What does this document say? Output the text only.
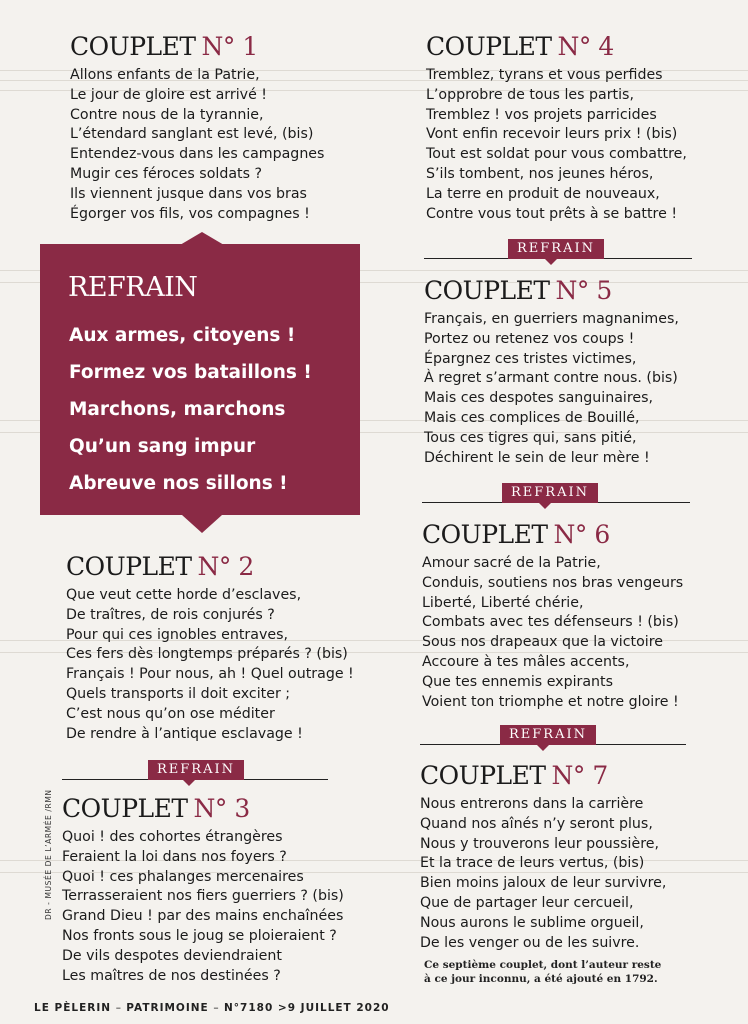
COUPLET N° 1
Allons enfants de la Patrie,
Le jour de gloire est arrivé !
Contre nous de la tyrannie,
L’étendard sanglant est levé, (bis)
Entendez-vous dans les campagnes
Mugir ces féroces soldats ?
Ils viennent jusque dans vos bras
Égorger vos fils, vos compagnes !
REFRAIN
Aux armes, citoyens !
Formez vos bataillons !
Marchons, marchons
Qu’un sang impur
Abreuve nos sillons !
COUPLET N° 2
Que veut cette horde d’esclaves,
De traîtres, de rois conjurés ?
Pour qui ces ignobles entraves,
Ces fers dès longtemps préparés ? (bis)
Français ! Pour nous, ah ! Quel outrage !
Quels transports il doit exciter ;
C’est nous qu’on ose méditer
De rendre à l’antique esclavage !
REFRAIN
COUPLET N° 3
Quoi ! des cohortes étrangères
Feraient la loi dans nos foyers ?
Quoi ! ces phalanges mercenaires
Terrasseraient nos fiers guerriers ? (bis)
Grand Dieu ! par des mains enchaînées
Nos fronts sous le joug se ploieraient ?
De vils despotes deviendraient
Les maîtres de nos destinées ?
COUPLET N° 4
Tremblez, tyrans et vous perfides
L’opprobre de tous les partis,
Tremblez ! vos projets parricides
Vont enfin recevoir leurs prix ! (bis)
Tout est soldat pour vous combattre,
S’ils tombent, nos jeunes héros,
La terre en produit de nouveaux,
Contre vous tout prêts à se battre !
REFRAIN
COUPLET N° 5
Français, en guerriers magnanimes,
Portez ou retenez vos coups !
Épargnez ces tristes victimes,
À regret s’armant contre nous. (bis)
Mais ces despotes sanguinaires,
Mais ces complices de Bouillé,
Tous ces tigres qui, sans pitié,
Déchirent le sein de leur mère !
REFRAIN
COUPLET N° 6
Amour sacré de la Patrie,
Conduis, soutiens nos bras vengeurs
Liberté, Liberté chérie,
Combats avec tes défenseurs ! (bis)
Sous nos drapeaux que la victoire
Accoure à tes mâles accents,
Que tes ennemis expirants
Voient ton triomphe et notre gloire !
REFRAIN
COUPLET N° 7
Nous entrerons dans la carrière
Quand nos aînés n’y seront plus,
Nous y trouverons leur poussière,
Et la trace de leurs vertus, (bis)
Bien moins jaloux de leur survivre,
Que de partager leur cercueil,
Nous aurons le sublime orgueil,
De les venger ou de les suivre.
Ce septième couplet, dont l’auteur reste
à ce jour inconnu, a été ajouté en 1792.
DR - MUSÉE DE L’ARMÉE /RMN
LE PÈLERIN – PATRIMOINE – N°7180 >9 JUILLET 2020
